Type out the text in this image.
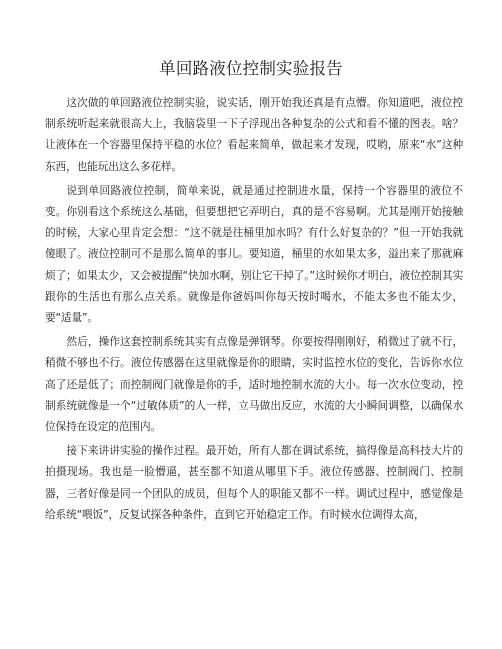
单回路液位控制实验报告

这次做的单回路液位控制实验，说实话，刚开始我还真是有点懵。你知道吧，液位控制系统听起来就很高大上，我脑袋里一下子浮现出各种复杂的公式和看不懂的图表。啥？让液体在一个容器里保持平稳的水位？看起来简单，做起来才发现，哎哟，原来“水”这种东西，也能玩出这么多花样。

说到单回路液位控制，简单来说，就是通过控制进水量，保持一个容器里的液位不变。你别看这个系统这么基础，但要想把它弄明白，真的是不容易啊。尤其是刚开始接触的时候，大家心里肯定会想：“这不就是往桶里加水吗？有什么好复杂的？”但一开始我就傻眼了。液位控制可不是那么简单的事儿。要知道，桶里的水如果太多，溢出来了那就麻烦了；如果太少，又会被提醒“快加水啊，别让它干掉了。”这时候你才明白，液位控制其实跟你的生活也有那么点关系。就像是你爸妈叫你每天按时喝水，不能太多也不能太少，要“适量”。

然后，操作这套控制系统其实有点像是弹钢琴。你要按得刚刚好，稍微过了就不行，稍微不够也不行。液位传感器在这里就像是你的眼睛，实时监控水位的变化，告诉你水位高了还是低了；而控制阀门就像是你的手，适时地控制水流的大小。每一次水位变动，控制系统就像是一个“过敏体质”的人一样，立马做出反应，水流的大小瞬间调整，以确保水位保持在设定的范围内。

接下来讲讲实验的操作过程。最开始，所有人都在调试系统，搞得像是高科技大片的拍摄现场。我也是一脸懵逼，甚至都不知道从哪里下手。液位传感器、控制阀门、控制器，三者好像是同一个团队的成员，但每个人的职能又都不一样。调试过程中，感觉像是给系统“喂饭”，反复试探各种条件，直到它开始稳定工作。有时候水位调得太高，
